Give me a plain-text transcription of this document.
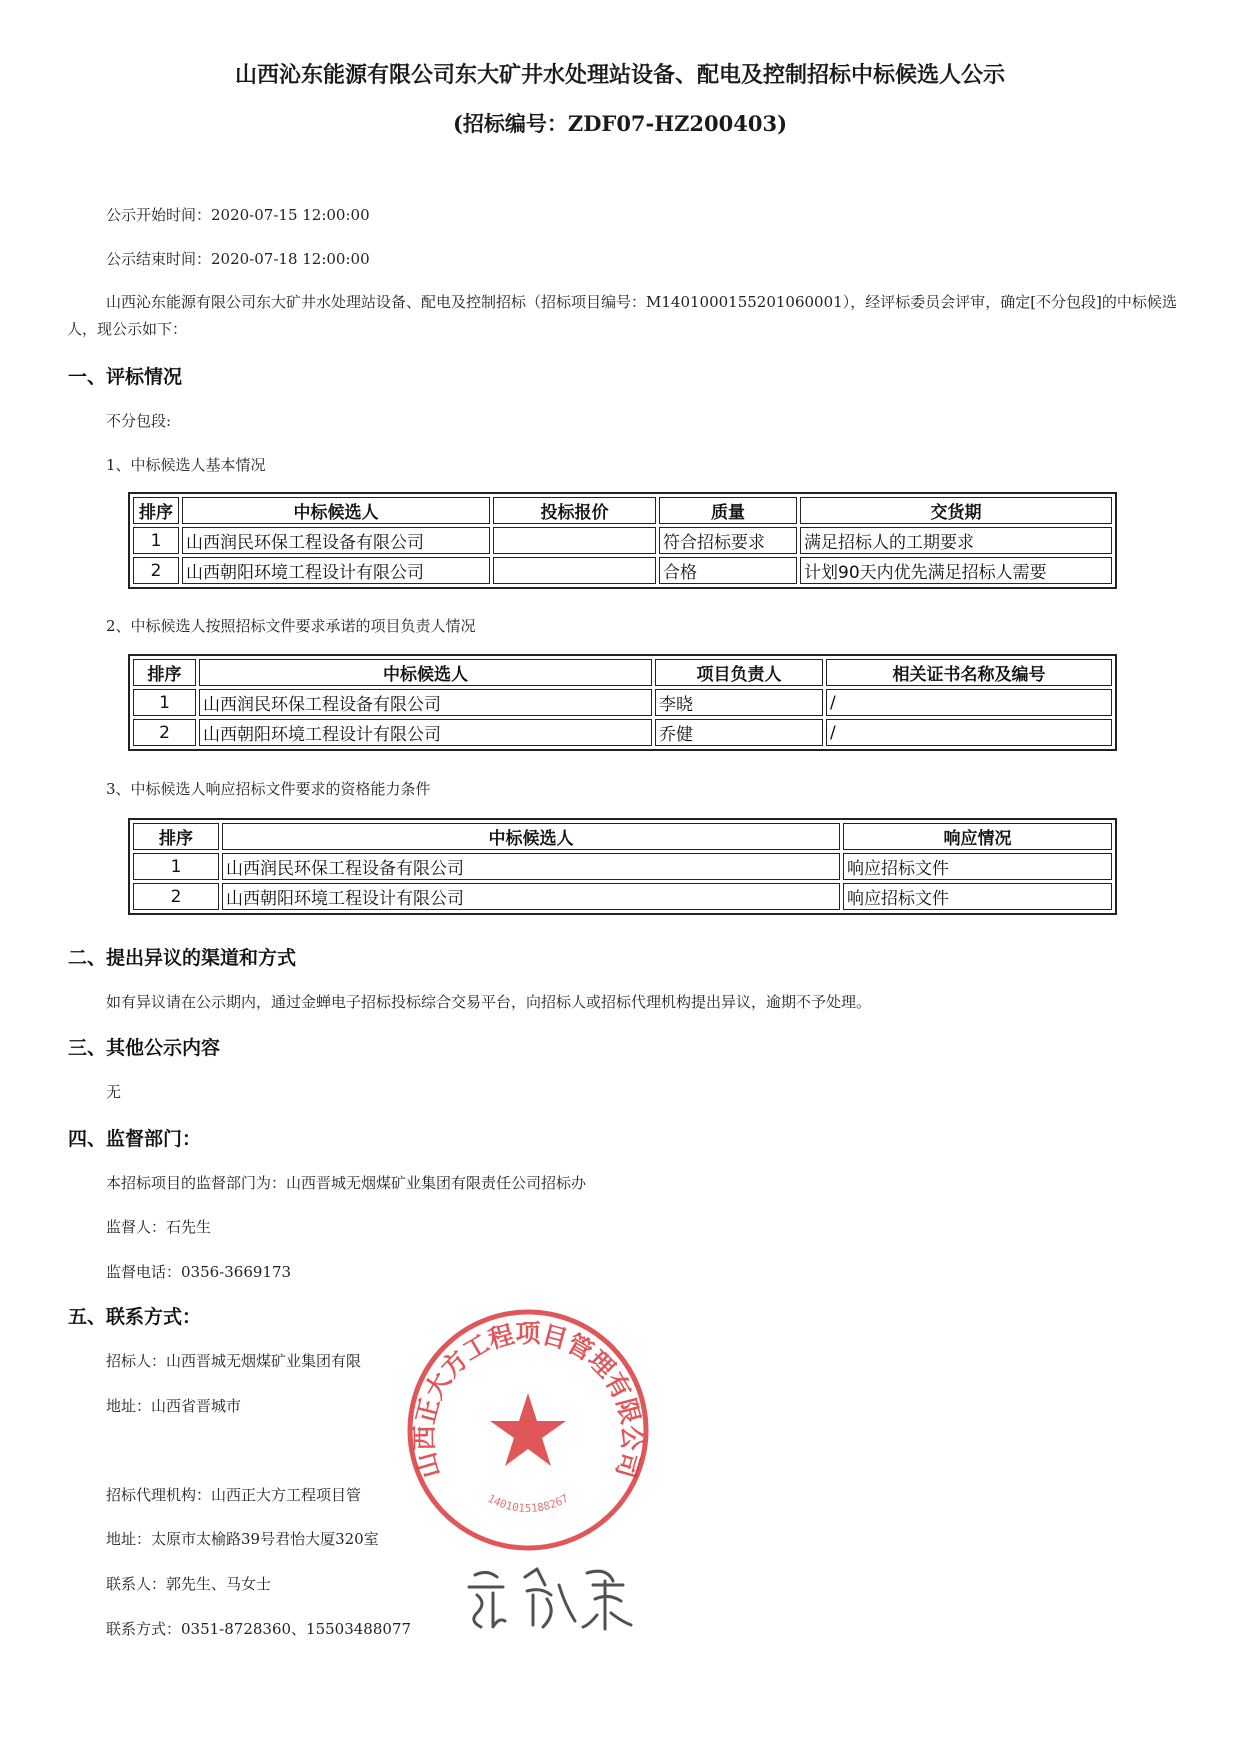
山西沁东能源有限公司东大矿井水处理站设备、配电及控制招标中标候选人公示
(招标编号：ZDF07-HZ200403)
公示开始时间：2020-07-15 12:00:00
公示结束时间：2020-07-18 12:00:00
山西沁东能源有限公司东大矿井水处理站设备、配电及控制招标（招标项目编号：M1401000155201060001），经评标委员会评审，确定[不分包段]的中标候选人，现公示如下：
一、评标情况
不分包段:
1、中标候选人基本情况
排序	中标候选人	投标报价	质量	交货期
1	山西润民环保工程设备有限公司		符合招标要求	满足招标人的工期要求
2	山西朝阳环境工程设计有限公司		合格	计划90天内优先满足招标人需要
2、中标候选人按照招标文件要求承诺的项目负责人情况
排序	中标候选人	项目负责人	相关证书名称及编号
1	山西润民环保工程设备有限公司	李晓	/
2	山西朝阳环境工程设计有限公司	乔健	/
3、中标候选人响应招标文件要求的资格能力条件
排序	中标候选人	响应情况
1	山西润民环保工程设备有限公司	响应招标文件
2	山西朝阳环境工程设计有限公司	响应招标文件
二、提出异议的渠道和方式
如有异议请在公示期内，通过金蝉电子招标投标综合交易平台，向招标人或招标代理机构提出异议，逾期不予处理。
三、其他公示内容
无
四、监督部门：
本招标项目的监督部门为：山西晋城无烟煤矿业集团有限责任公司招标办
监督人：石先生
监督电话：0356-3669173
五、联系方式：
招标人：山西晋城无烟煤矿业集团有限
地址：山西省晋城市
招标代理机构：山西正大方工程项目管
地址：太原市太榆路39号君怡大厦320室
联系人：郭先生、马女士
联系方式：0351-8728360、15503488077
山西正大方工程项目管理有限公司
1401015188267
